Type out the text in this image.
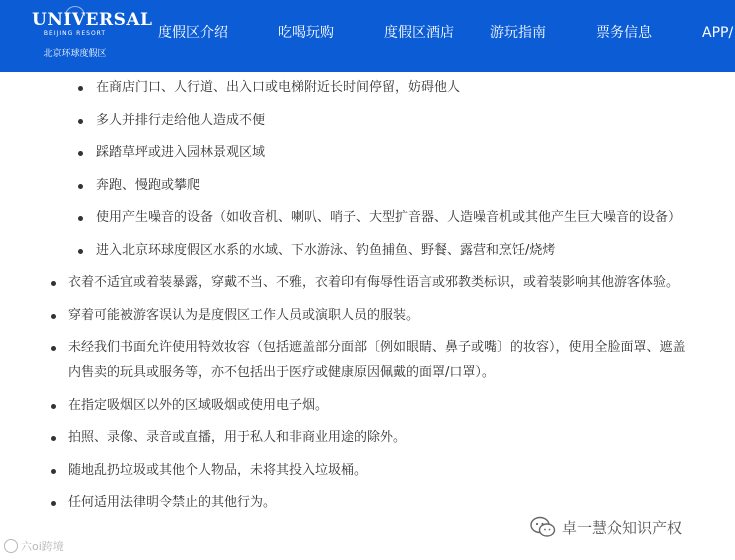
UNIVERSAL
BEIJING RESORT
北京环球度假区
度假区介绍	吃喝玩购	度假区酒店	游玩指南	票务信息	APP/
在商店门口、人行道、出入口或电梯附近长时间停留，妨碍他人
多人并排行走给他人造成不便
踩踏草坪或进入园林景观区域
奔跑、慢跑或攀爬
使用产生噪音的设备（如收音机、喇叭、哨子、大型扩音器、人造噪音机或其他产生巨大噪音的设备）
进入北京环球度假区水系的水域、下水游泳、钓鱼捕鱼、野餐、露营和烹饪/烧烤
衣着不适宜或着装暴露，穿戴不当、不雅，衣着印有侮辱性语言或邪教类标识，或着装影响其他游客体验。
穿着可能被游客误认为是度假区工作人员或演职人员的服装。
未经我们书面允许使用特效妆容（包括遮盖部分面部〔例如眼睛、鼻子或嘴〕的妆容），使用全脸面罩、遮盖
内售卖的玩具或服务等，亦不包括出于医疗或健康原因佩戴的面罩/口罩）。
在指定吸烟区以外的区域吸烟或使用电子烟。
拍照、录像、录音或直播，用于私人和非商业用途的除外。
随地乱扔垃圾或其他个人物品，未将其投入垃圾桶。
任何适用法律明令禁止的其他行为。
卓一慧众知识产权
六oi跨境
